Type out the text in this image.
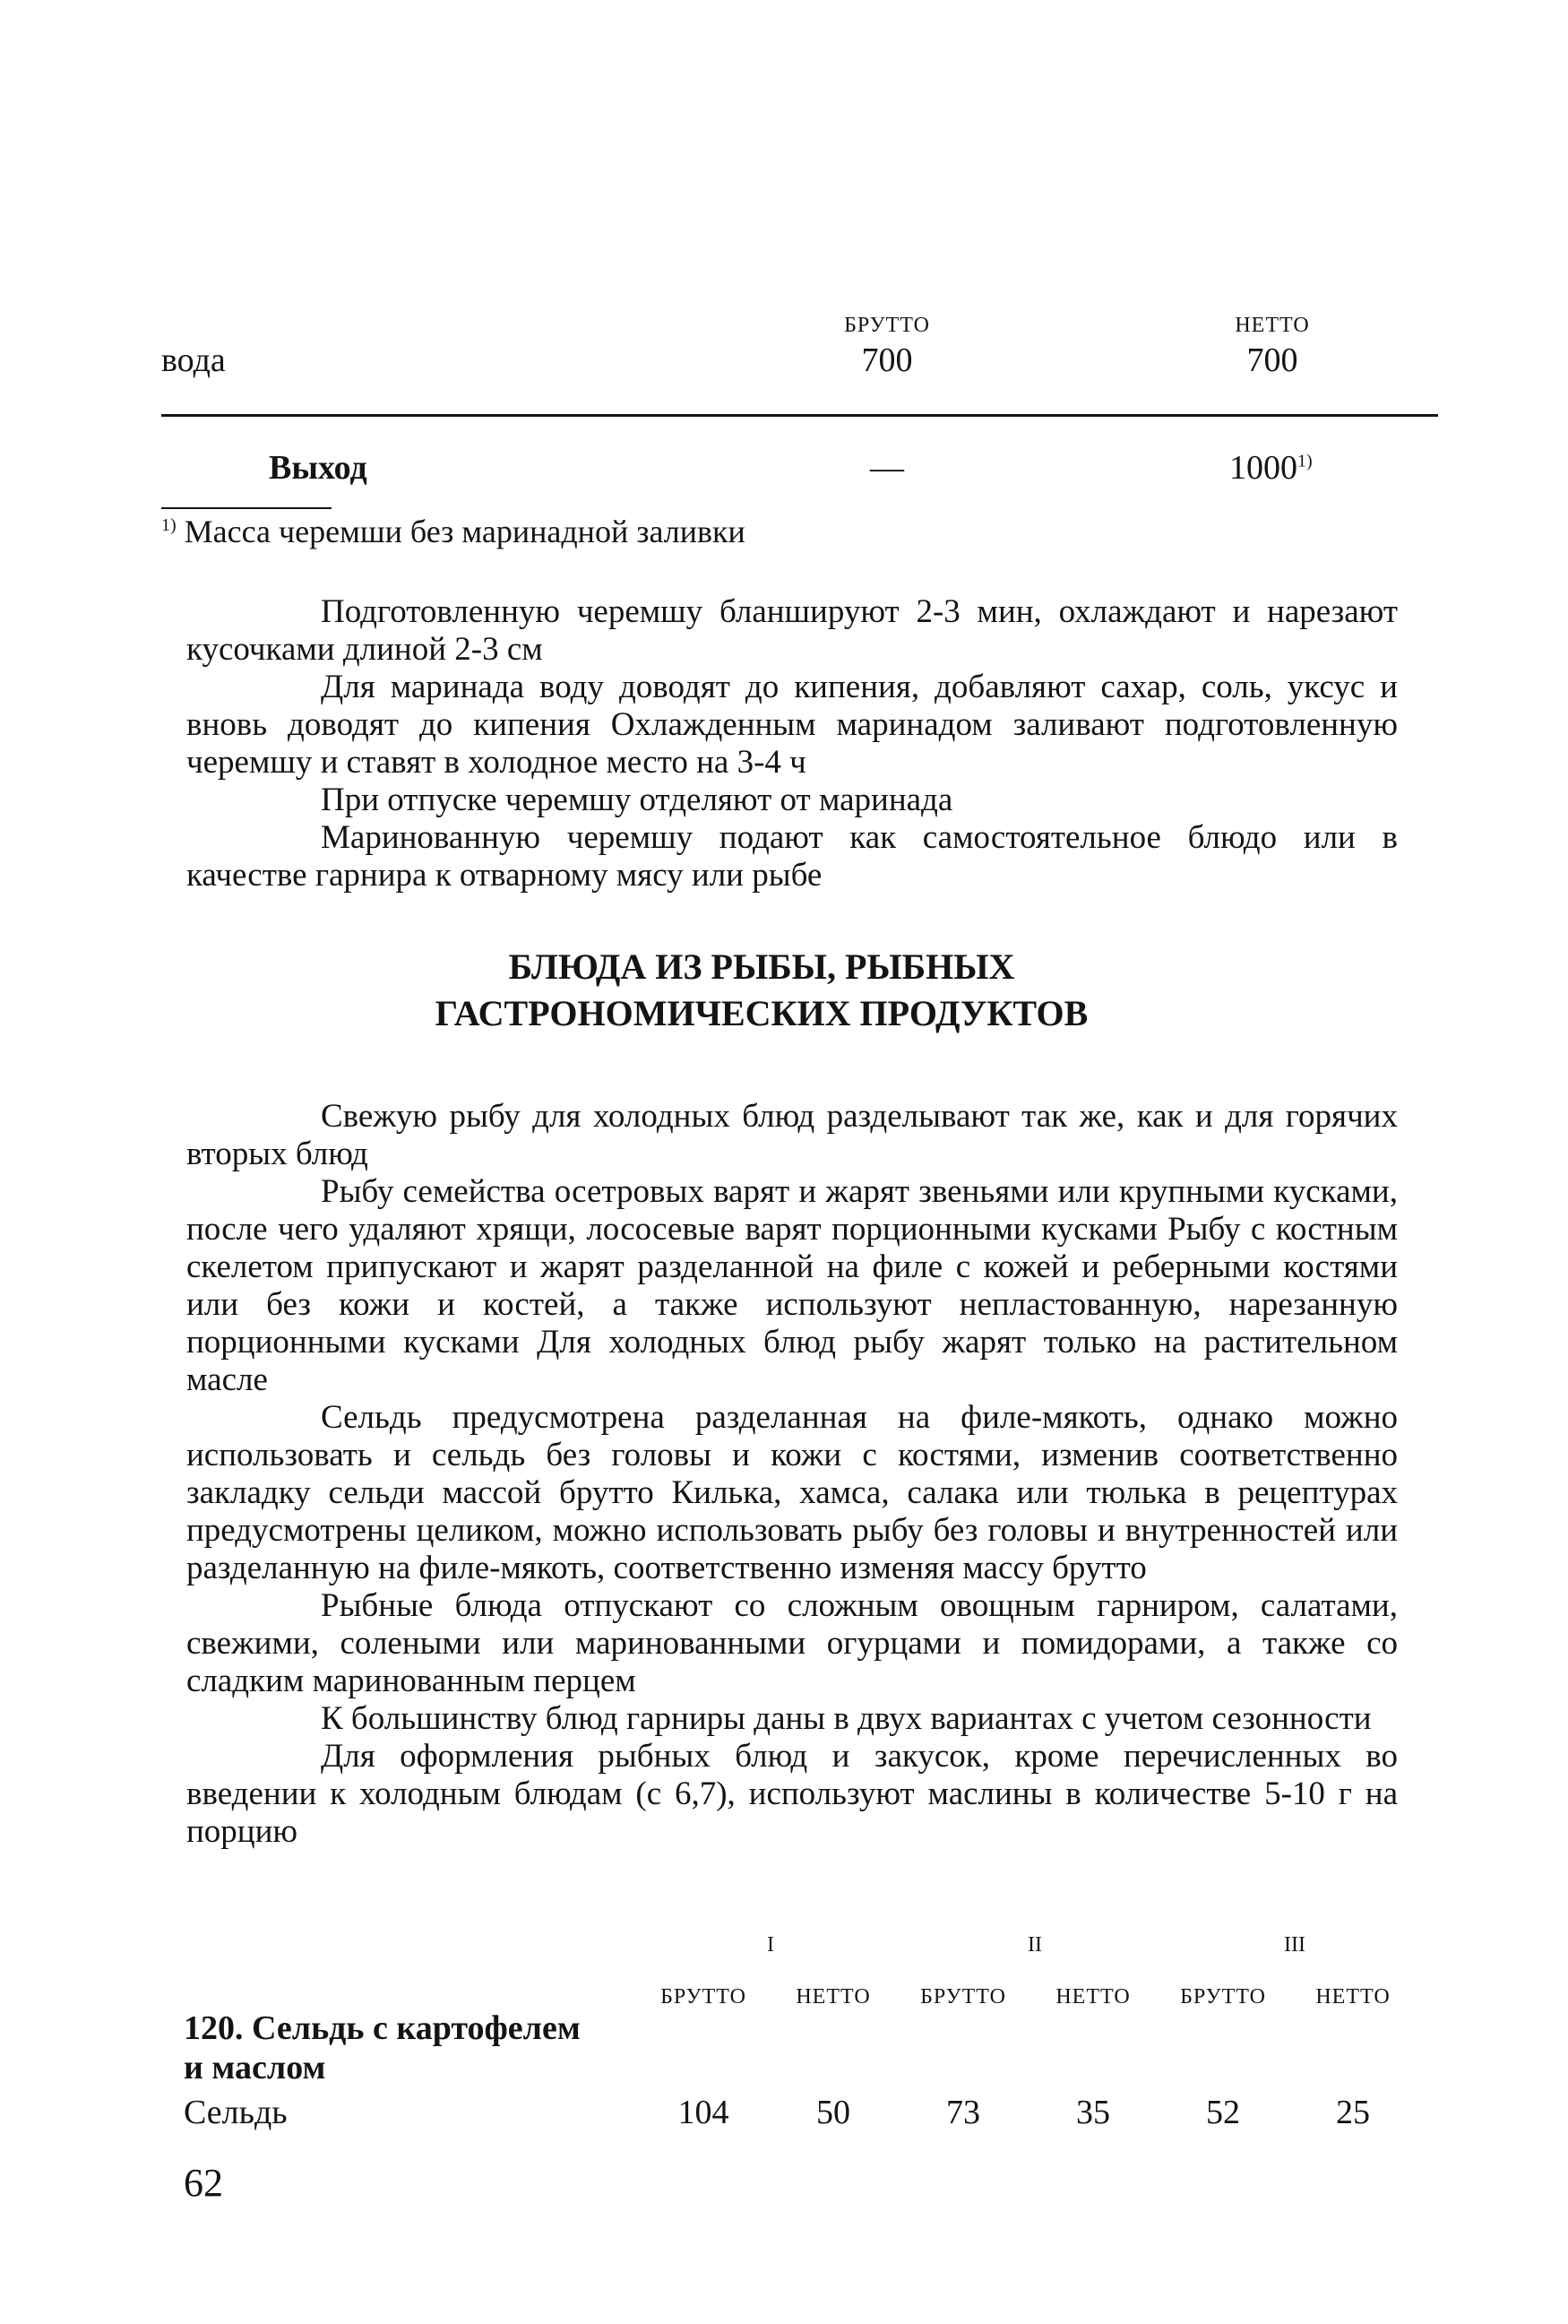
БРУТТО	НЕТТО
вода	700	700
Выход	—	1000$^{1)}$
$^{1)}$ Масса черемши без маринадной заливки

Подготовленную черемшу бланшируют 2-3 мин, охлаждают и нарезают кусочками длиной 2-3 см

Для маринада воду доводят до кипения, добавляют сахар, соль, уксус и вновь доводят до кипения Охлажденным маринадом заливают подготовленную черемшу и ставят в холодное место на 3-4 ч

При отпуске черемшу отделяют от маринада

Маринованную черемшу подают как самостоятельное блюдо или в качестве гарнира к отварному мясу или рыбе

БЛЮДА ИЗ РЫБЫ, РЫБНЫХ
ГАСТРОНОМИЧЕСКИХ ПРОДУКТОВ

Свежую рыбу для холодных блюд разделывают так же, как и для горячих вторых блюд

Рыбу семейства осетровых варят и жарят звеньями или крупными кусками, после чего удаляют хрящи, лососевые варят порционными кусками Рыбу с костным скелетом припускают и жарят разделанной на филе с кожей и реберными костями или без кожи и костей, а также используют непластованную, нарезанную порционными кусками Для холодных блюд рыбу жарят только на растительном масле

Сельдь предусмотрена разделанная на филе-мякоть, однако можно использовать и сельдь без головы и кожи с костями, изменив соответственно закладку сельди массой брутто Килька, хамса, салака или тюлька в рецептурах предусмотрены целиком, можно использовать рыбу без головы и внутренностей или разделанную на филе-мякоть, соответственно изменяя массу брутто

Рыбные блюда отпускают со сложным овощным гарниром, салатами, свежими, солеными или маринованными огурцами и помидорами, а также со сладким маринованным перцем

К большинству блюд гарниры даны в двух вариантах с учетом сезонности

Для оформления рыбных блюд и закусок, кроме перечисленных во введении к холодным блюдам (с 6,7), используют маслины в количестве 5-10 г на порцию

I	II	III
БРУТТО	НЕТТО	БРУТТО	НЕТТО	БРУТТО	НЕТТО
120. Сельдь с картофелем
и маслом
Сельдь	104	50	73	35	52	25
62
